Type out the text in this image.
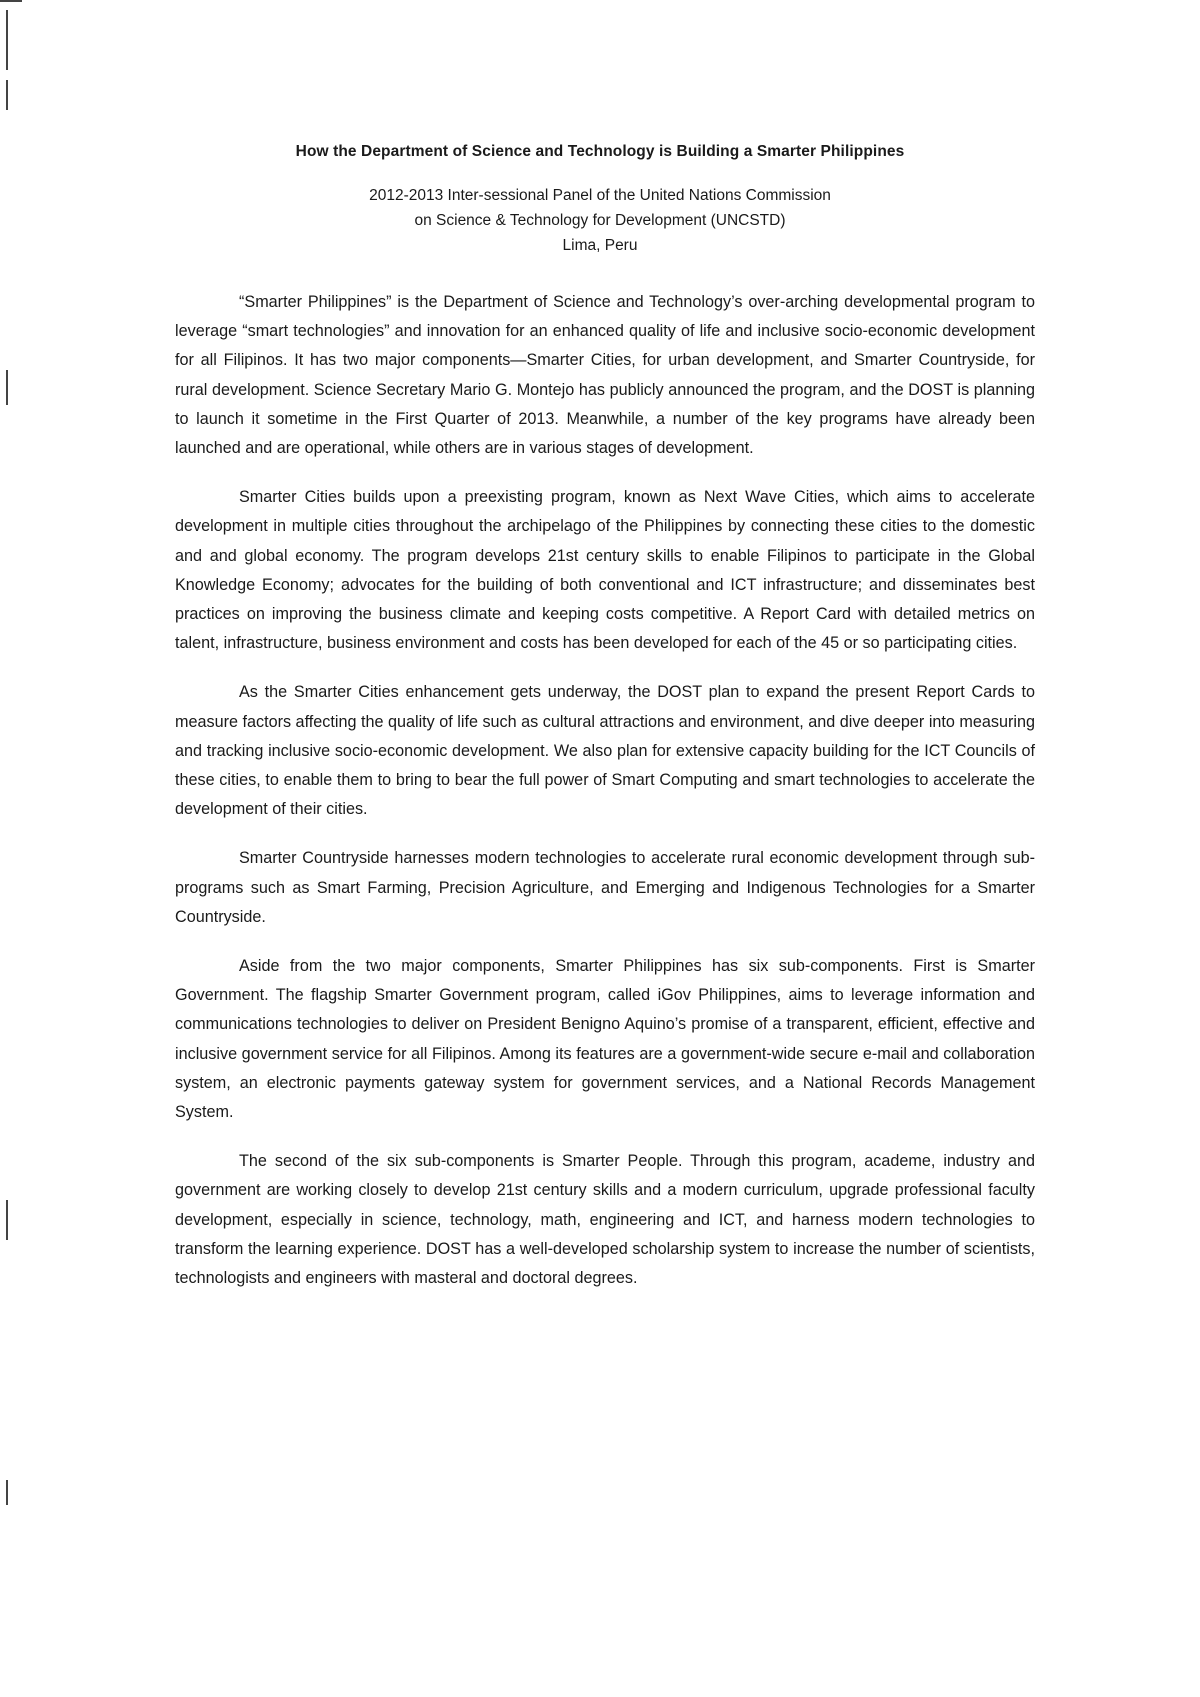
How the Department of Science and Technology is Building a Smarter Philippines

2012-2013 Inter-sessional Panel of the United Nations Commission

on Science & Technology for Development (UNCSTD)

Lima, Peru

“Smarter Philippines” is the Department of Science and Technology’s over-arching developmental program to leverage “smart technologies” and innovation for an enhanced quality of life and inclusive socio-economic development for all Filipinos. It has two major components—Smarter Cities, for urban development, and Smarter Countryside, for rural development. Science Secretary Mario G. Montejo has publicly announced the program, and the DOST is planning to launch it sometime in the First Quarter of 2013. Meanwhile, a number of the key programs have already been launched and are operational, while others are in various stages of development.

Smarter Cities builds upon a preexisting program, known as Next Wave Cities, which aims to accelerate development in multiple cities throughout the archipelago of the Philippines by connecting these cities to the domestic and and global economy. The program develops 21st century skills to enable Filipinos to participate in the Global Knowledge Economy; advocates for the building of both conventional and ICT infrastructure; and disseminates best practices on improving the business climate and keeping costs competitive. A Report Card with detailed metrics on talent, infrastructure, business environment and costs has been developed for each of the 45 or so participating cities.

As the Smarter Cities enhancement gets underway, the DOST plan to expand the present Report Cards to measure factors affecting the quality of life such as cultural attractions and environment, and dive deeper into measuring and tracking inclusive socio-economic development. We also plan for extensive capacity building for the ICT Councils of these cities, to enable them to bring to bear the full power of Smart Computing and smart technologies to accelerate the development of their cities.

Smarter Countryside harnesses modern technologies to accelerate rural economic development through sub-programs such as Smart Farming, Precision Agriculture, and Emerging and Indigenous Technologies for a Smarter Countryside.

Aside from the two major components, Smarter Philippines has six sub-components. First is Smarter Government. The flagship Smarter Government program, called iGov Philippines, aims to leverage information and communications technologies to deliver on President Benigno Aquino’s promise of a transparent, efficient, effective and inclusive government service for all Filipinos. Among its features are a government-wide secure e-mail and collaboration system, an electronic payments gateway system for government services, and a National Records Management System.

The second of the six sub-components is Smarter People. Through this program, academe, industry and government are working closely to develop 21st century skills and a modern curriculum, upgrade professional faculty development, especially in science, technology, math, engineering and ICT, and harness modern technologies to transform the learning experience. DOST has a well-developed scholarship system to increase the number of scientists, technologists and engineers with masteral and doctoral degrees.
